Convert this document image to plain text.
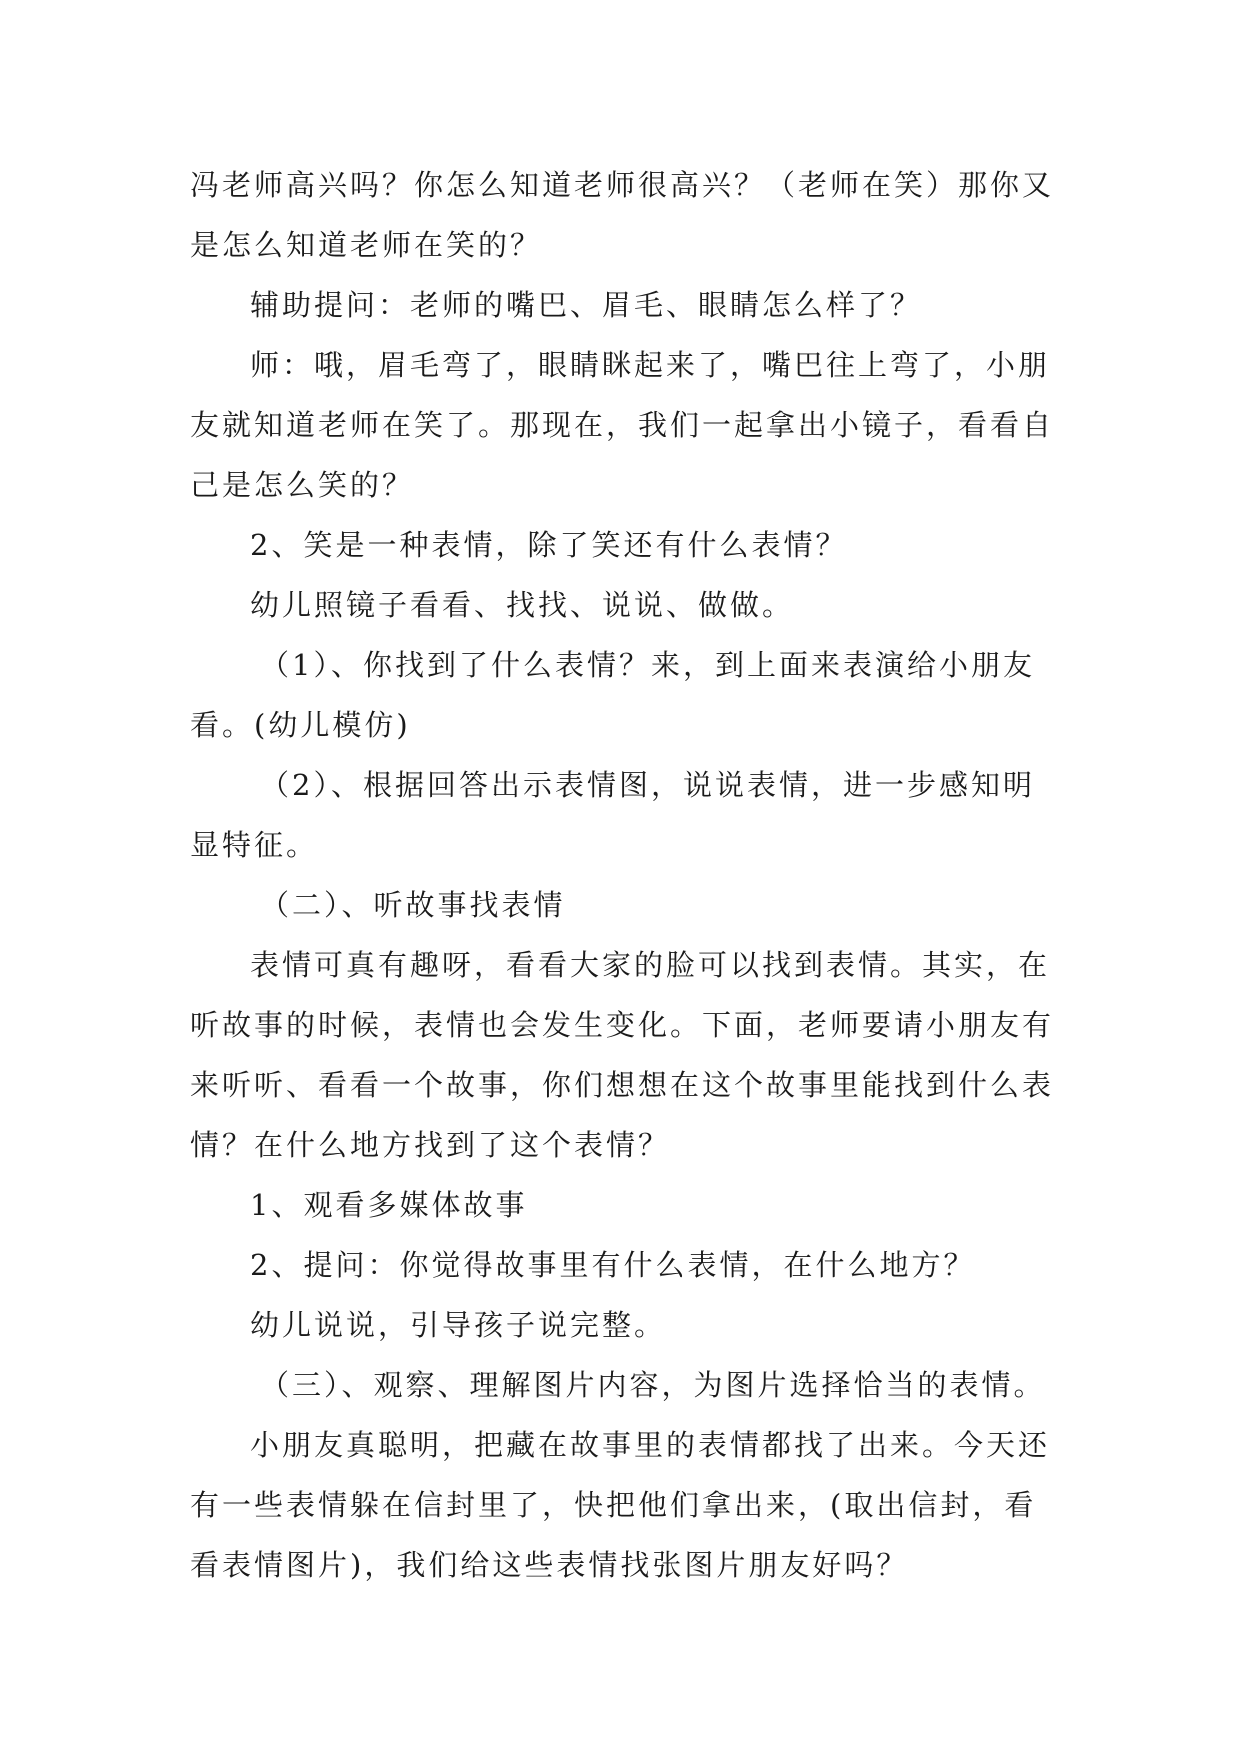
冯老师高兴吗？你怎么知道老师很高兴？（老师在笑）那你又是怎么知道老师在笑的？

辅助提问：老师的嘴巴、眉毛、眼睛怎么样了？

师：哦，眉毛弯了，眼睛眯起来了，嘴巴往上弯了，小朋友就知道老师在笑了。那现在，我们一起拿出小镜子，看看自己是怎么笑的？

2、笑是一种表情，除了笑还有什么表情？

幼儿照镜子看看、找找、说说、做做。

（1）、你找到了什么表情？来，到上面来表演给小朋友看。(幼儿模仿)

（2）、根据回答出示表情图，说说表情，进一步感知明显特征。

（二）、听故事找表情

表情可真有趣呀，看看大家的脸可以找到表情。其实，在听故事的时候，表情也会发生变化。下面，老师要请小朋友有来听听、看看一个故事，你们想想在这个故事里能找到什么表情？在什么地方找到了这个表情？

1、观看多媒体故事

2、提问：你觉得故事里有什么表情，在什么地方？

幼儿说说，引导孩子说完整。

（三）、观察、理解图片内容，为图片选择恰当的表情。

小朋友真聪明，把藏在故事里的表情都找了出来。今天还有一些表情躲在信封里了，快把他们拿出来，(取出信封，看看表情图片)，我们给这些表情找张图片朋友好吗？
